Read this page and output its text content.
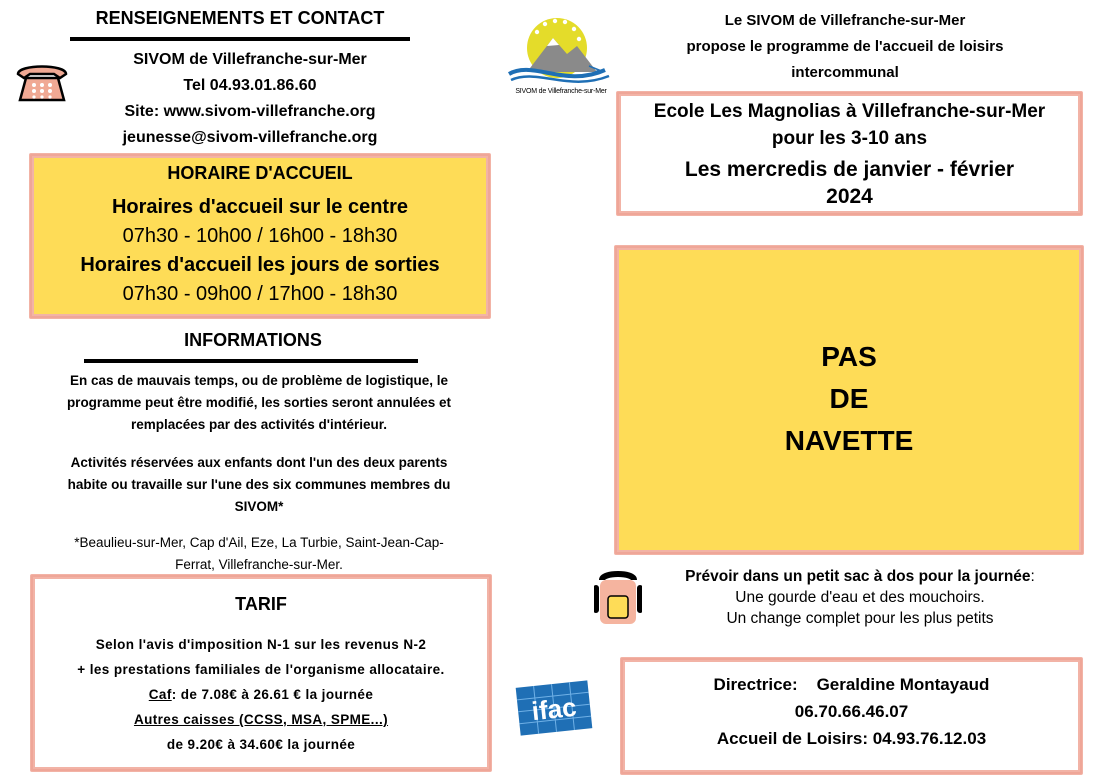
RENSEIGNEMENTS ET CONTACT
SIVOM de Villefranche-sur-Mer
Tel 04.93.01.86.60
Site: www.sivom-villefranche.org
jeunesse@sivom-villefranche.org
HORAIRE D'ACCUEIL
Horaires d'accueil sur le centre
07h30 - 10h00 / 16h00 - 18h30
Horaires d'accueil les jours de sorties
07h30 - 09h00 / 17h00 - 18h30
INFORMATIONS
En cas de mauvais temps, ou de problème de logistique, le
programme peut être modifié, les sorties seront annulées et
remplacées par des activités d'intérieur.
Activités réservées aux enfants dont l'un des deux parents
habite ou travaille sur l'une des six communes membres du
SIVOM*
*Beaulieu-sur-Mer, Cap d'Ail, Eze, La Turbie, Saint-Jean-Cap-
Ferrat, Villefranche-sur-Mer.
TARIF
Selon l'avis d'imposition N-1 sur les revenus N-2
+ les prestations familiales de l'organisme allocataire.
Caf: de 7.08€ à 26.61 € la journée
Autres caisses (CCSS, MSA, SPME...)
de 9.20€ à 34.60€ la journée
SIVOM de Villefranche-sur-Mer
ifac
Le SIVOM de Villefranche-sur-Mer
propose le programme de l'accueil de loisirs
intercommunal
Ecole Les Magnolias à Villefranche-sur-Mer
pour les 3-10 ans
Les mercredis de janvier - février
2024
PAS
DE
NAVETTE
Prévoir dans un petit sac à dos pour la journée:
Une gourde d'eau et des mouchoirs.
Un change complet pour les plus petits
Directrice: Geraldine Montayaud
06.70.66.46.07
Accueil de Loisirs: 04.93.76.12.03
